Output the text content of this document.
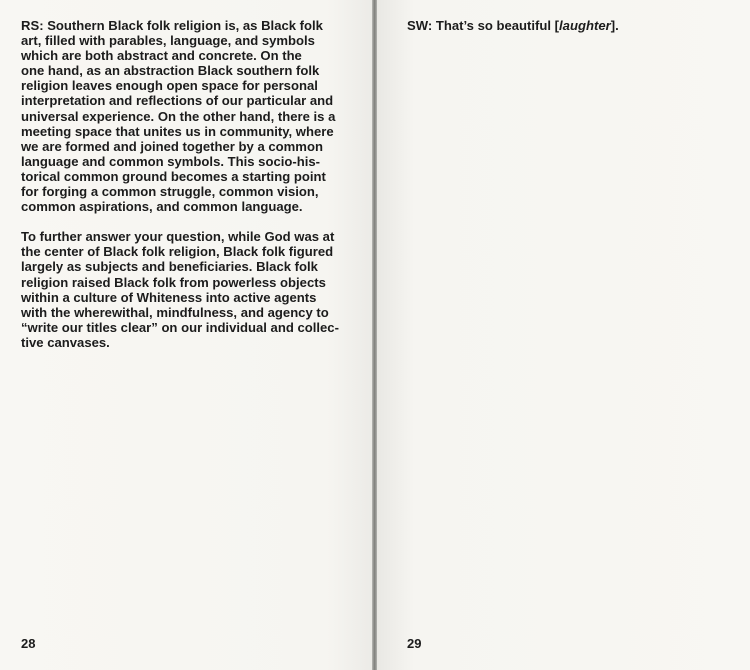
RS: Southern Black folk religion is, as Black folk
art, filled with parables, language, and symbols
which are both abstract and concrete. On the
one hand, as an abstraction Black southern folk
religion leaves enough open space for personal
interpretation and reflections of our particular and
universal experience. On the other hand, there is a
meeting space that unites us in community, where
we are formed and joined together by a common
language and common symbols. This socio-his-
torical common ground becomes a starting point
for forging a common struggle, common vision,
common aspirations, and common language.

To further answer your question, while God was at
the center of Black folk religion, Black folk figured
largely as subjects and beneficiaries. Black folk
religion raised Black folk from powerless objects
within a culture of Whiteness into active agents
with the wherewithal, mindfulness, and agency to
“write our titles clear” on our individual and collec-
tive canvases.

28
SW: That’s so beautiful [laughter].
29
